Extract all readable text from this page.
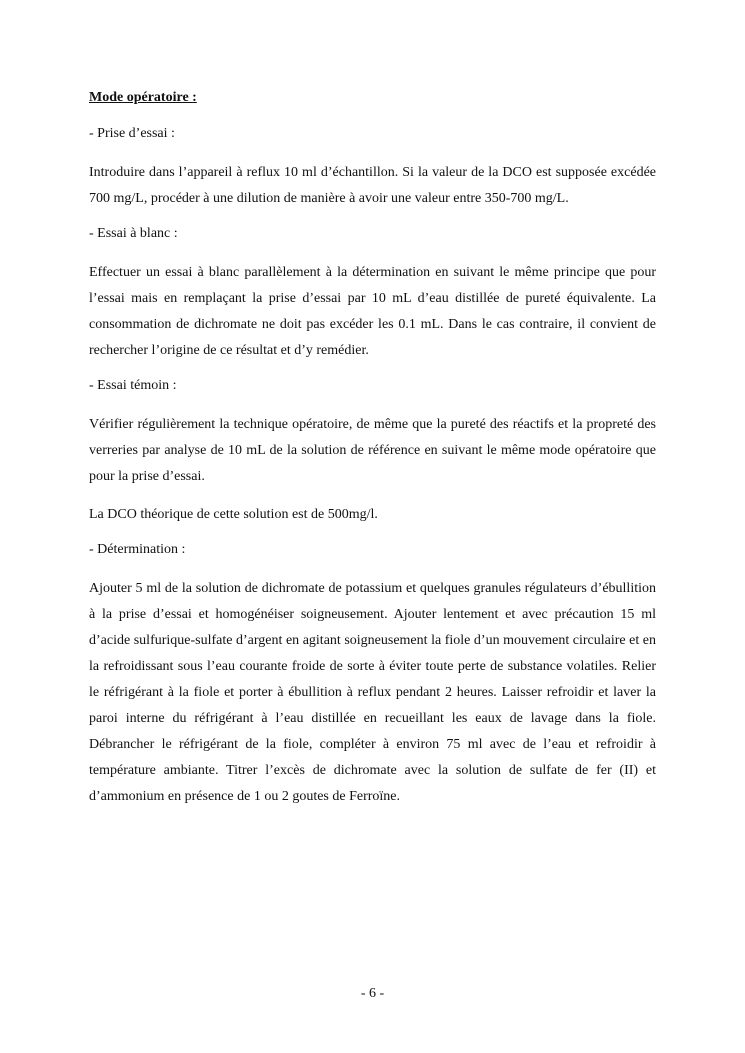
Mode opératoire :
- Prise d’essai :

Introduire dans l’appareil à reflux 10 ml d’échantillon. Si la valeur de la DCO est supposée excédée 700 mg/L, procéder à une dilution de manière à avoir une valeur entre 350-700 mg/L.

- Essai à blanc :

Effectuer un essai à blanc parallèlement à la détermination en suivant le même principe que pour l’essai mais en remplaçant la prise d’essai par 10 mL d’eau distillée de pureté équivalente. La consommation de dichromate ne doit pas excéder les 0.1 mL. Dans le cas contraire, il convient de rechercher l’origine de ce résultat et d’y remédier.

- Essai témoin :

Vérifier régulièrement la technique opératoire, de même que la pureté des réactifs et la propreté des verreries par analyse de 10 mL de la solution de référence en suivant le même mode opératoire que pour la prise d’essai.

La DCO théorique de cette solution est de 500mg/l.

- Détermination :

Ajouter 5 ml de la solution de dichromate de potassium et quelques granules régulateurs d’ébullition à la prise d’essai et homogénéiser soigneusement. Ajouter lentement et avec précaution 15 ml d’acide sulfurique-sulfate d’argent en agitant soigneusement la fiole d’un mouvement circulaire et en la refroidissant sous l’eau courante froide de sorte à éviter toute perte de substance volatiles. Relier le réfrigérant à la fiole et porter à ébullition à reflux pendant 2 heures. Laisser refroidir et laver la paroi interne du réfrigérant à l’eau distillée en recueillant les eaux de lavage dans la fiole. Débrancher le réfrigérant de la fiole, compléter à environ 75 ml avec de l’eau et refroidir à température ambiante. Titrer l’excès de dichromate avec la solution de sulfate de fer (II) et d’ammonium en présence de 1 ou 2 goutes de Ferroïne.

- 6 -
